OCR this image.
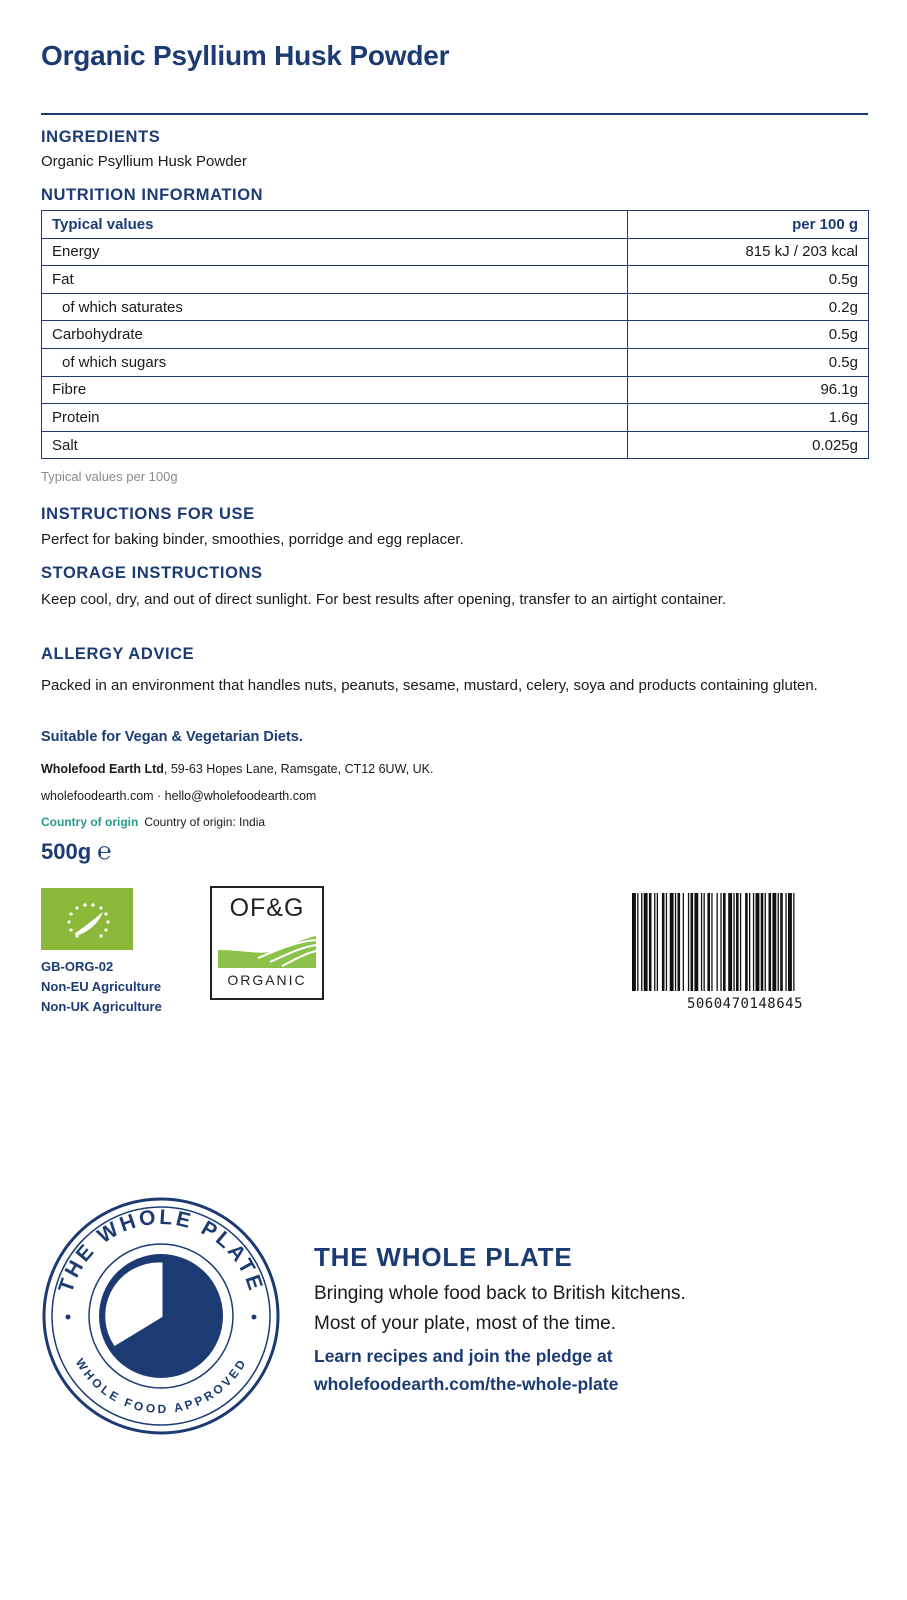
Organic Psyllium Husk Powder
INGREDIENTS
Organic Psyllium Husk Powder
NUTRITION INFORMATION
Typical values	per 100 g
Energy	815 kJ / 203 kcal
Fat	0.5g
of which saturates	0.2g
Carbohydrate	0.5g
of which sugars	0.5g
Fibre	96.1g
Protein	1.6g
Salt	0.025g
Typical values per 100g
INSTRUCTIONS FOR USE
Perfect for baking binder, smoothies, porridge and egg replacer.
STORAGE INSTRUCTIONS
Keep cool, dry, and out of direct sunlight. For best results after opening, transfer to an airtight container.
ALLERGY ADVICE
Packed in an environment that handles nuts, peanuts, sesame, mustard, celery, soya and products containing gluten.
Suitable for Vegan & Vegetarian Diets.
Wholefood Earth Ltd, 59-63 Hopes Lane, Ramsgate, CT12 6UW, UK.
wholefoodearth.com · hello@wholefoodearth.com
Country of origin Country of origin: India
500g ℮
GB-ORG-02
Non-EU Agriculture
Non-UK Agriculture
OF&G
ORGANIC
5060470148645
THE WHOLE PLATE
WHOLE FOOD APPROVED
THE WHOLE PLATE
Bringing whole food back to British kitchens.
Most of your plate, most of the time.
Learn recipes and join the pledge at
wholefoodearth.com/the-whole-plate
